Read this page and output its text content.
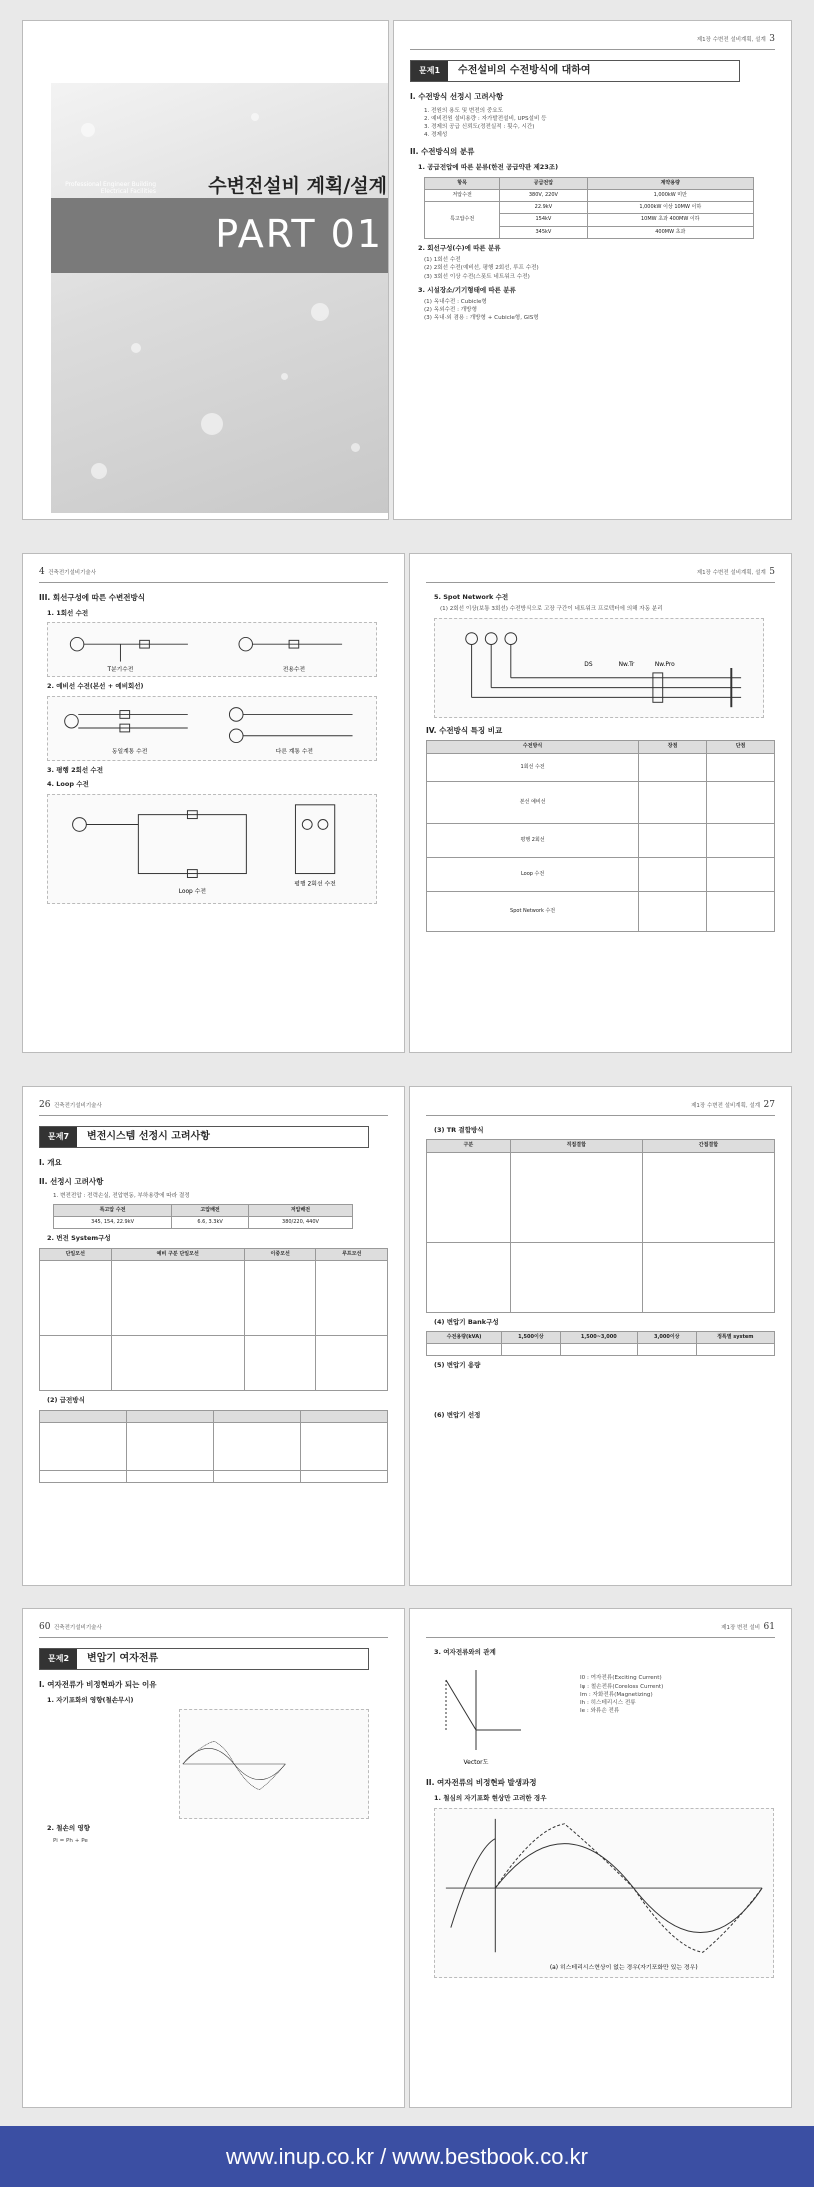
Professional Engineer Building Electrical Facilities	수변전설비 계획/설계
PART 01
제1장 수변전 설비계획, 설계 3
문제1	수전설비의 수전방식에 대하여
I. 수전방식 선정시 고려사항
1. 전원의 용도 및 변전의 중요도
2. 예비전원 설비용량 : 자가발전설비, UPS설비 등
3. 경제의 공급 신뢰도(정전실적 : 횟수, 시간)
4. 경제성
II. 수전방식의 분류
1. 공급전압에 따른 분류(한전 공급약관 제23조)
항목	공급전압	계약용량
저압수전	380V, 220V	1,000kW 미만
특고압수전	22.9kV	1,000kW 이상 10MW 이하
	154kV	10MW 초과 400MW 이하
	345kV	400MW 초과
2. 회선구성(수)에 따른 분류
(1) 1회선 수전
(2) 2회선 수전(예비선, 평행 2회선, 루프 수전)
(3) 3회선 이상 수전(스폿트 네트워크 수전)
3. 시설장소/기기형태에 따른 분류
(1) 옥내수전 : Cubicle형
(2) 옥외수전 : 개방형
(3) 옥내·외 겸용 : 개방형 + Cubicle형, GIS형
4 건축전기설비기술사
III. 회선구성에 따른 수변전방식
1. 1회선 수전
T분기수전	전용수전
2. 예비선 수전(본선 + 예비회선)
동일계통 수전	다른 계통 수전
3. 평행 2회선 수전
4. Loop 수전
Loop 수전
평행 2회선 수전
제1장 수변전 설비계획, 설계 5
5. Spot Network 수전
(1) 2회선 이상(보통 3회선) 수전방식으로 고장 구간이 네트워크 프로텍터에 의해 자동 분리
DS	Nw.Tr	Nw.Pro
IV. 수전방식 특징 비교
수전방식	장점	단점
1회선 수전		
본선 예비선		
평행 2회선		
Loop 수전		
Spot Network 수전		
26 건축전기설비기술사
문제7	변전시스템 선정시 고려사항
I. 개요
II. 선정시 고려사항
1. 변전전압 : 전력손실, 전압변동, 부하용량에 따라 결정
특고압 수전	고압배전	저압배전
345, 154, 22.9kV	6.6, 3.3kV	380/220, 440V
2. 변전 System구성
단일모선	예비 구분 단일모선	이중모선	루프모선

(2) 급전방식

제1장 수변전 설비계획, 설계 27
(3) TR 결합방식
구분	직접결합	간접결합

(4) 변압기 Bank구성
수전용량(kVA)	1,500이상	1,500~3,000	3,000이상	정특별 system

(5) 변압기 용량
(6) 변압기 선정
60 건축전기설비기술사
문제2	변압기 여자전류
I. 여자전류가 비정현파가 되는 이유
1. 자기포화의 영향(철손무시)
2. 철손의 영향
Pi = Ph + Pe
제1장 변전 설비 61
3. 여자전류와의 관계
Vector도
I0 : 여자전류(Exciting Current)
Iφ : 철손전류(Coreloss Current)
Im : 자화전류(Magnetizing)
Ih : 히스테리시스 전류
Ie : 와류손 전류
II. 여자전류의 비정현파 발생과정
1. 철심의 자기포화 현상만 고려한 경우
(a) 히스테리시스현상이 없는 경우(자기포화만 있는 경우)
www.inup.co.kr / www.bestbook.co.kr
